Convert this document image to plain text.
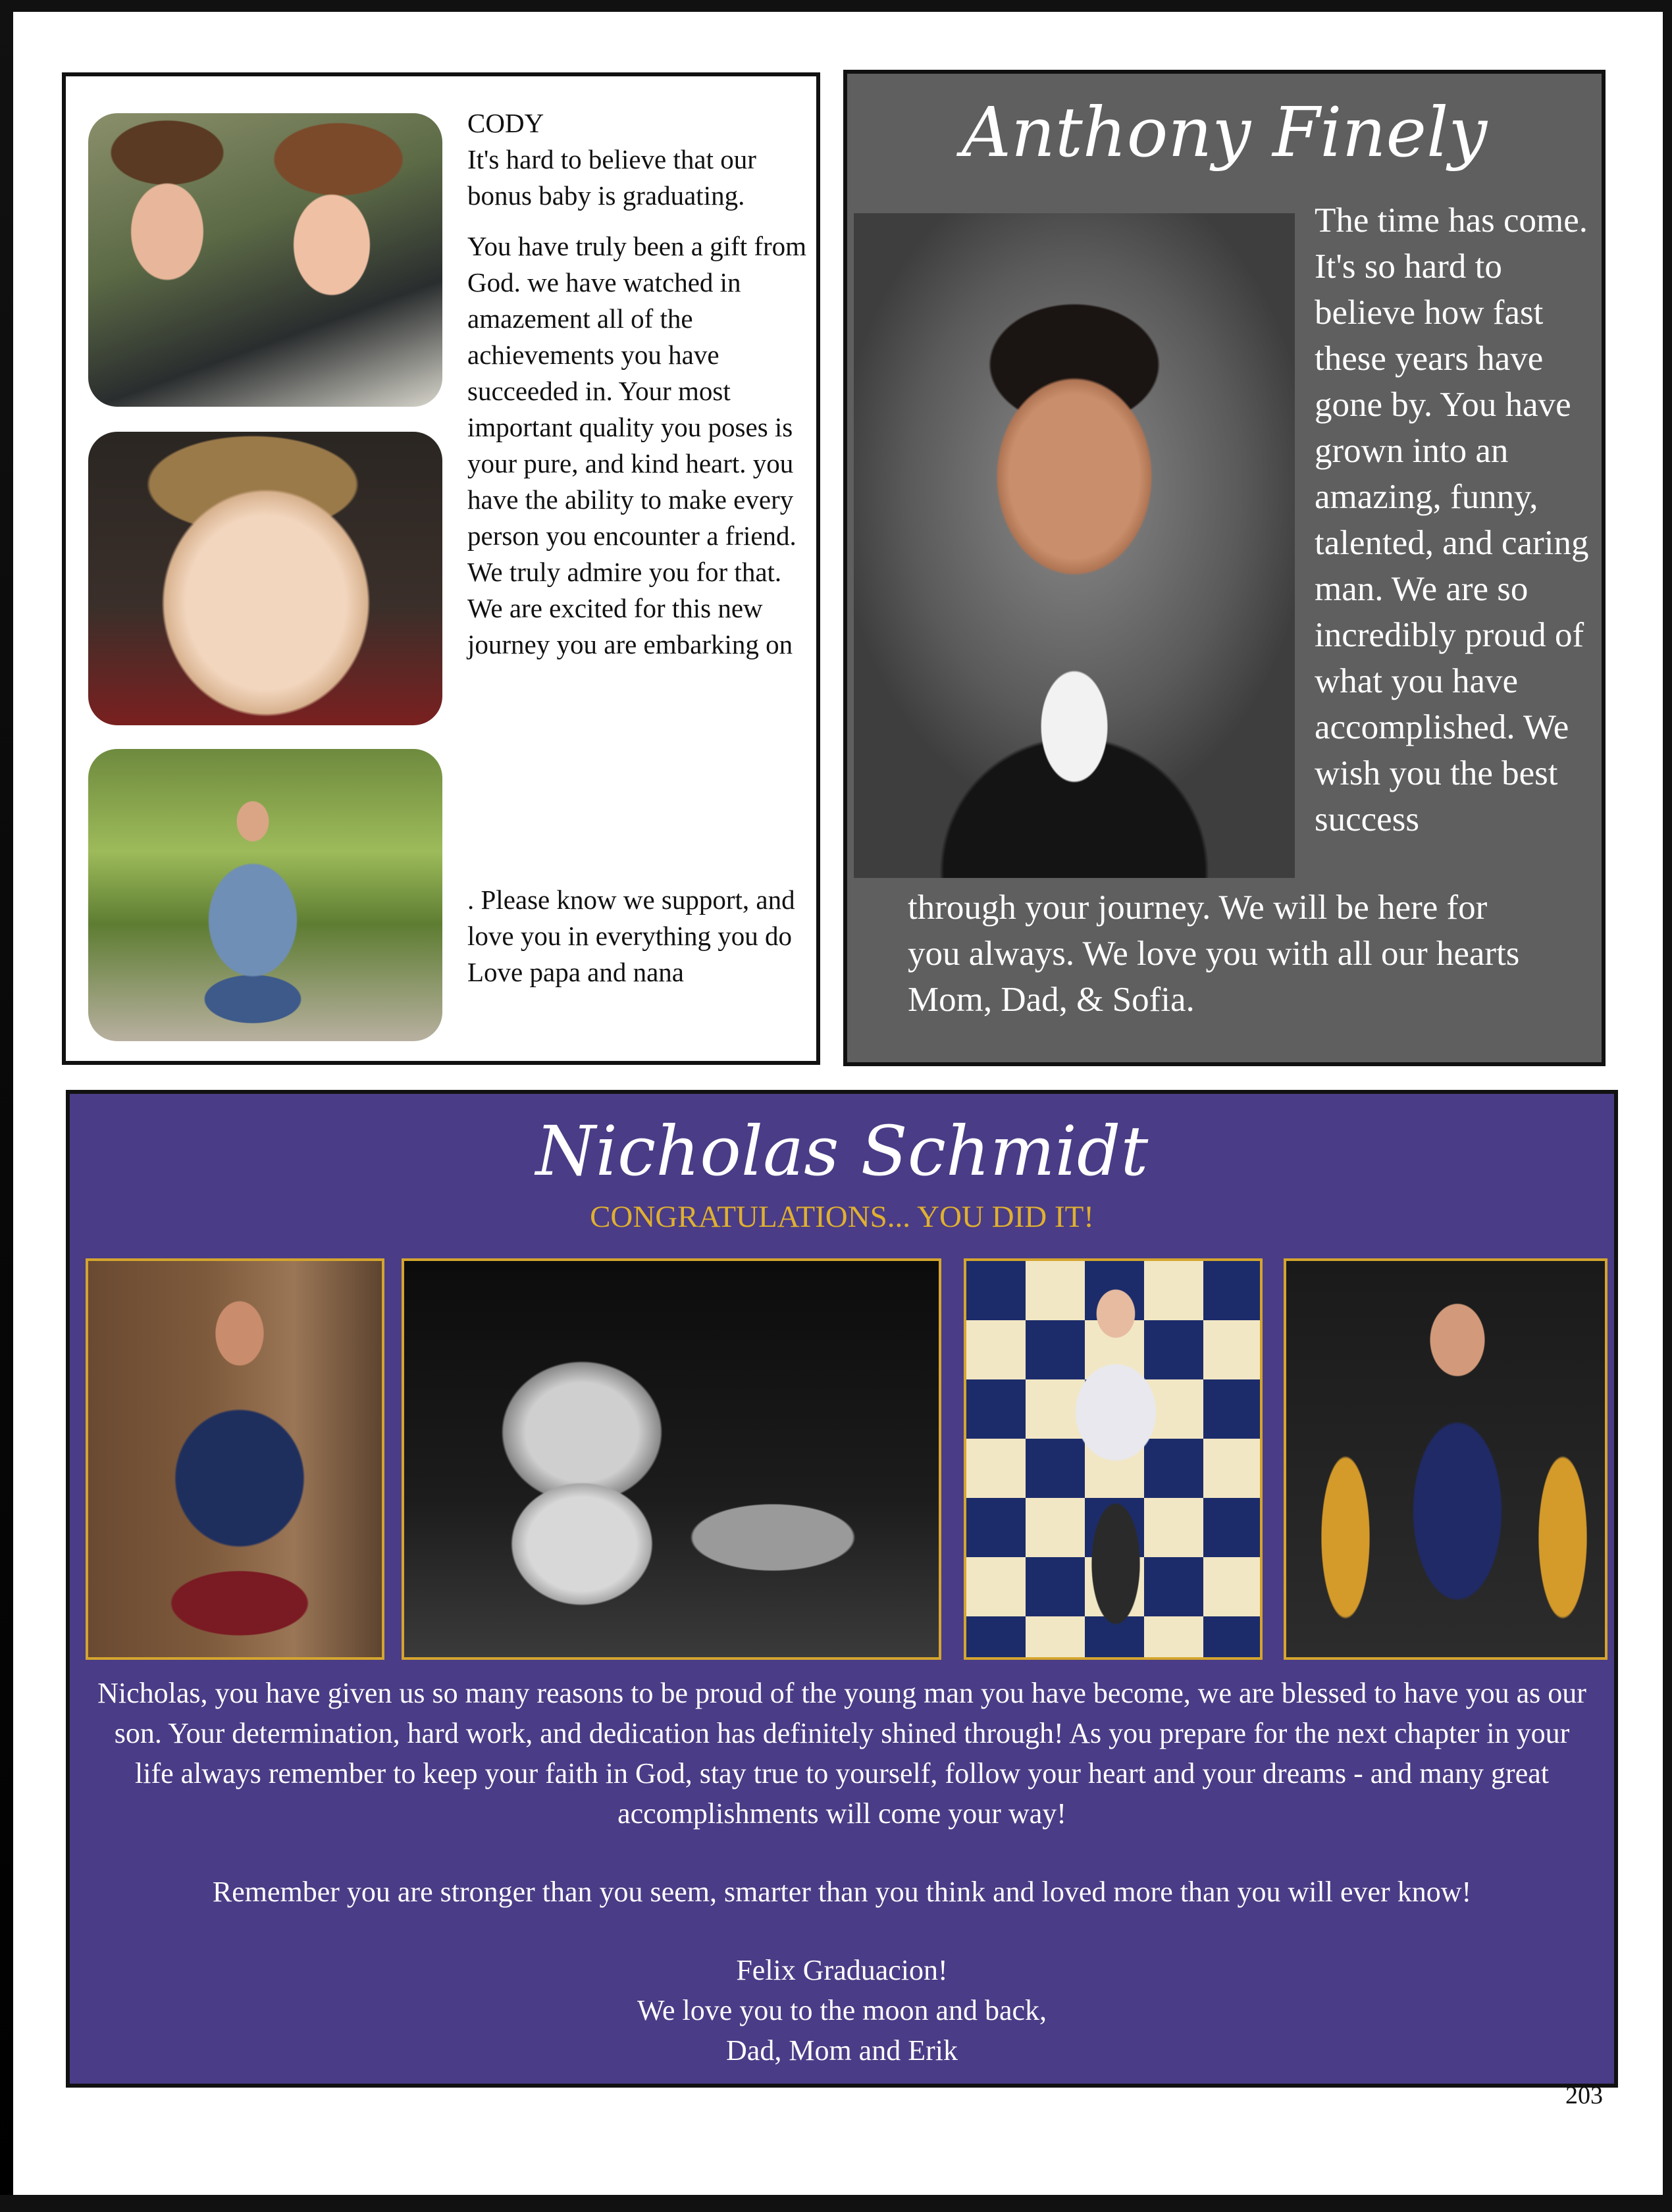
CODY
It's hard to believe that our bonus baby is graduating.

You have truly been a gift from God. we have watched in amazement all of the achievements you have succeeded in. Your most important quality you poses is your pure, and kind heart. you have the ability to make every person you encounter a friend. We truly admire you for that. We are excited for this new journey you are embarking on

. Please know we support, and love you in everything you do
Love papa and nana

Anthony Finely
The time has come. It's so hard to believe how fast these years have gone by. You have grown into an amazing, funny, talented, and caring man. We are so incredibly proud of what you have accomplished. We wish you the best success
through your journey. We will be here for
you always. We love you with all our hearts
Mom, Dad, & Sofia.
Nicholas Schmidt
CONGRATULATIONS... YOU DID IT!

Nicholas, you have given us so many reasons to be proud of the young man you have become, we are blessed to have you as our son. Your determination, hard work, and dedication has definitely shined through! As you prepare for the next chapter in your life always remember to keep your faith in God, stay true to yourself, follow your heart and your dreams - and many great accomplishments will come your way!

Remember you are stronger than you seem, smarter than you think and loved more than you will ever know!

Felix Graduacion!

We love you to the moon and back,

Dad, Mom and Erik

203
